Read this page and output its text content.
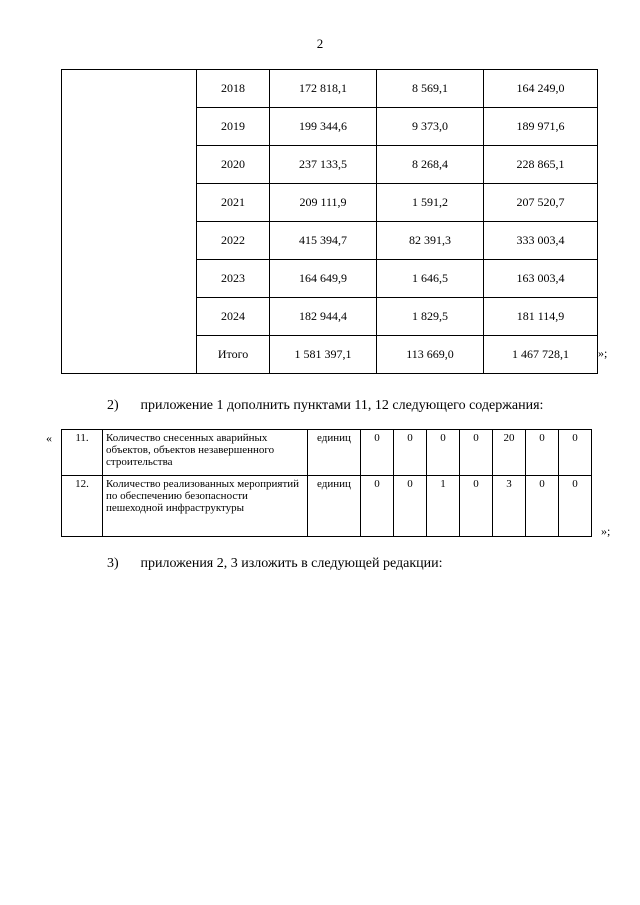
2
	2018	172 818,1	8 569,1	164 249,0
	2019	199 344,6	9 373,0	189 971,6
	2020	237 133,5	8 268,4	228 865,1
	2021	209 111,9	1 591,2	207 520,7
	2022	415 394,7	82 391,3	333 003,4
	2023	164 649,9	1 646,5	163 003,4
	2024	182 944,4	1 829,5	181 114,9
	Итого	1 581 397,1	113 669,0	1 467 728,1 »;
2) приложение 1 дополнить пунктами 11, 12 следующего содержания:
« 11.	Количество снесенных аварийных объектов, объектов незавершенного строительства	единиц	0	0	0	0	20	0	0
12.	Количество реализованных мероприятий по обеспечению безопасности пешеходной инфраструктуры	единиц	0	0	1	0	3	0	0
»;
3) приложения 2, 3 изложить в следующей редакции:
